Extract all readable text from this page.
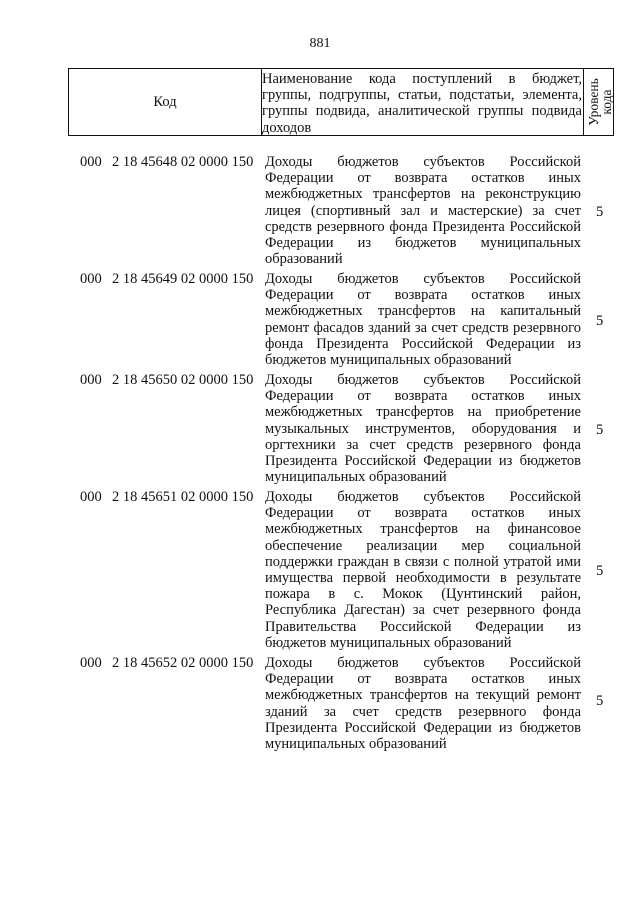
881
Код
Наименование кода поступлений в бюджет, группы, подгруппы, статьи, подстатьи, элемента, группы подвида, аналитической группы подвида доходов
Уровень кода
000 2 18 45648 02 0000 150 Доходы бюджетов субъектов Российской Федерации от возврата остатков иных межбюджетных трансфертов на реконструкцию лицея (спортивный зал и мастерские) за счет средств резервного фонда Президента Российской Федерации из бюджетов муниципальных образований
5
000 2 18 45649 02 0000 150 Доходы бюджетов субъектов Российской Федерации от возврата остатков иных межбюджетных трансфертов на капитальный ремонт фасадов зданий за счет средств резервного фонда Президента Российской Федерации из бюджетов муниципальных образований
5
000 2 18 45650 02 0000 150 Доходы бюджетов субъектов Российской Федерации от возврата остатков иных межбюджетных трансфертов на приобретение музыкальных инструментов, оборудования и оргтехники за счет средств резервного фонда Президента Российской Федерации из бюджетов муниципальных образований
5
000 2 18 45651 02 0000 150 Доходы бюджетов субъектов Российской Федерации от возврата остатков иных межбюджетных трансфертов на финансовое обеспечение реализации мер социальной поддержки граждан в связи с полной утратой ими имущества первой необходимости в результате пожара в с. Мокок (Цунтинский район, Республика Дагестан) за счет резервного фонда Правительства Российской Федерации из бюджетов муниципальных образований
5
000 2 18 45652 02 0000 150 Доходы бюджетов субъектов Российской Федерации от возврата остатков иных межбюджетных трансфертов на текущий ремонт зданий за счет средств резервного фонда Президента Российской Федерации из бюджетов муниципальных образований
5
